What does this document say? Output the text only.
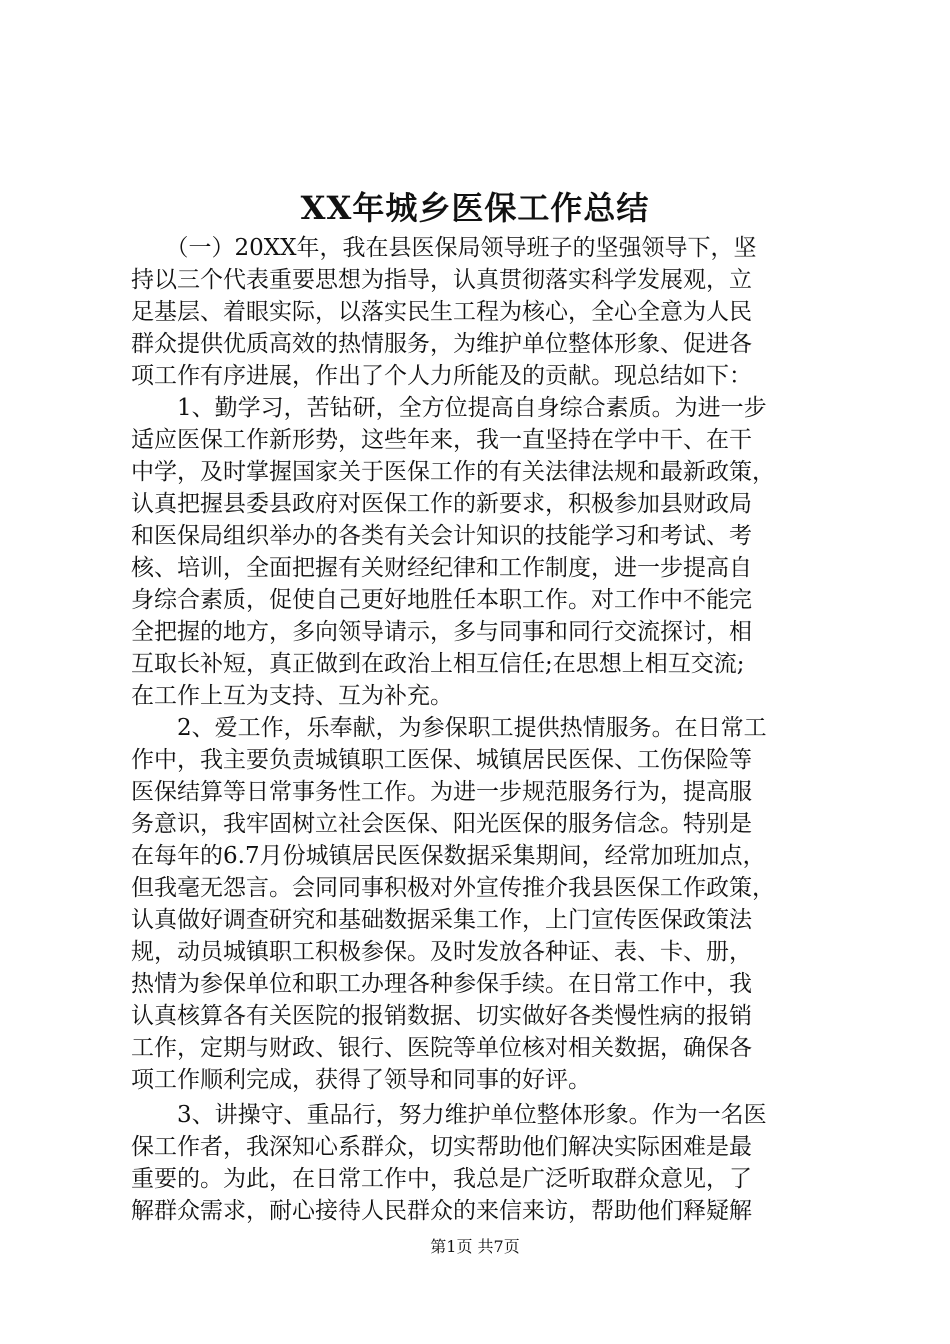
XX年城乡医保工作总结
　　（一）20XX年，我在县医保局领导班子的坚强领导下，坚
持以三个代表重要思想为指导，认真贯彻落实科学发展观，立
足基层、着眼实际，以落实民生工程为核心，全心全意为人民
群众提供优质高效的热情服务，为维护单位整体形象、促进各
项工作有序进展，作出了个人力所能及的贡献。现总结如下：
　　1、勤学习，苦钻研，全方位提高自身综合素质。为进一步
适应医保工作新形势，这些年来，我一直坚持在学中干、在干
中学，及时掌握国家关于医保工作的有关法律法规和最新政策，
认真把握县委县政府对医保工作的新要求，积极参加县财政局
和医保局组织举办的各类有关会计知识的技能学习和考试、考
核、培训，全面把握有关财经纪律和工作制度，进一步提高自
身综合素质，促使自己更好地胜任本职工作。对工作中不能完
全把握的地方，多向领导请示，多与同事和同行交流探讨，相
互取长补短，真正做到在政治上相互信任;在思想上相互交流;
在工作上互为支持、互为补充。
　　2、爱工作，乐奉献，为参保职工提供热情服务。在日常工
作中，我主要负责城镇职工医保、城镇居民医保、工伤保险等
医保结算等日常事务性工作。为进一步规范服务行为，提高服
务意识，我牢固树立社会医保、阳光医保的服务信念。特别是
在每年的6.7月份城镇居民医保数据采集期间，经常加班加点，
但我毫无怨言。会同同事积极对外宣传推介我县医保工作政策，
认真做好调查研究和基础数据采集工作，上门宣传医保政策法
规，动员城镇职工积极参保。及时发放各种证、表、卡、册，
热情为参保单位和职工办理各种参保手续。在日常工作中，我
认真核算各有关医院的报销数据、切实做好各类慢性病的报销
工作，定期与财政、银行、医院等单位核对相关数据，确保各
项工作顺利完成，获得了领导和同事的好评。
　　3、讲操守、重品行，努力维护单位整体形象。作为一名医
保工作者，我深知心系群众，切实帮助他们解决实际困难是最
重要的。为此，在日常工作中，我总是广泛听取群众意见，了
解群众需求，耐心接待人民群众的来信来访，帮助他们释疑解
第1页 共7页
